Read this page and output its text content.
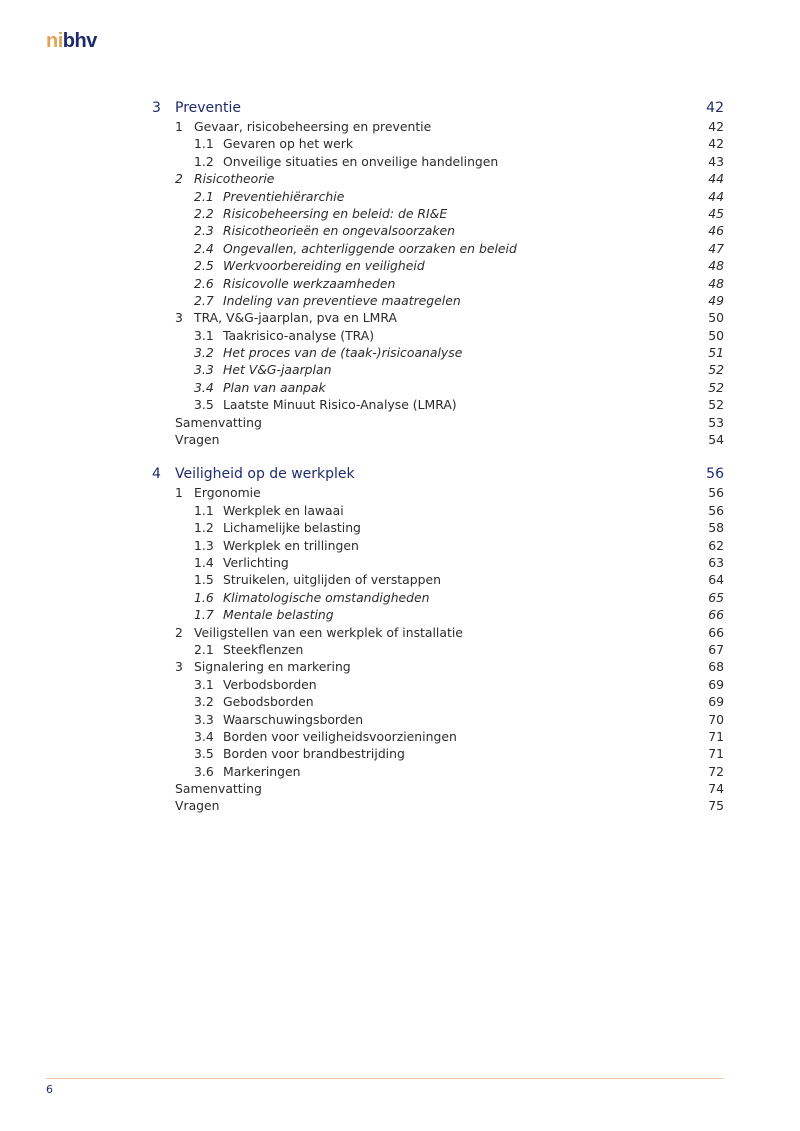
nibhv
3	Preventie	42
1 Gevaar, risicobeheersing en preventie	42
1.1 Gevaren op het werk	42
1.2 Onveilige situaties en onveilige handelingen	43
2 Risicotheorie	44
2.1 Preventiehiërarchie	44
2.2 Risicobeheersing en beleid: de RI&E	45
2.3 Risicotheorieën en ongevalsoorzaken	46
2.4 Ongevallen, achterliggende oorzaken en beleid	47
2.5 Werkvoorbereiding en veiligheid	48
2.6 Risicovolle werkzaamheden	48
2.7 Indeling van preventieve maatregelen	49
3 TRA, V&G-jaarplan, pva en LMRA	50
3.1 Taakrisico-analyse (TRA)	50
3.2 Het proces van de (taak-)risicoanalyse	51
3.3 Het V&G-jaarplan	52
3.4 Plan van aanpak	52
3.5 Laatste Minuut Risico-Analyse (LMRA)	52
Samenvatting	53
Vragen	54
4	Veiligheid op de werkplek	56
1 Ergonomie	56
1.1 Werkplek en lawaai	56
1.2 Lichamelijke belasting	58
1.3 Werkplek en trillingen	62
1.4 Verlichting	63
1.5 Struikelen, uitglijden of verstappen	64
1.6 Klimatologische omstandigheden	65
1.7 Mentale belasting	66
2 Veiligstellen van een werkplek of installatie	66
2.1 Steekflenzen	67
3 Signalering en markering	68
3.1 Verbodsborden	69
3.2 Gebodsborden	69
3.3 Waarschuwingsborden	70
3.4 Borden voor veiligheidsvoorzieningen	71
3.5 Borden voor brandbestrijding	71
3.6 Markeringen	72
Samenvatting	74
Vragen	75
6
